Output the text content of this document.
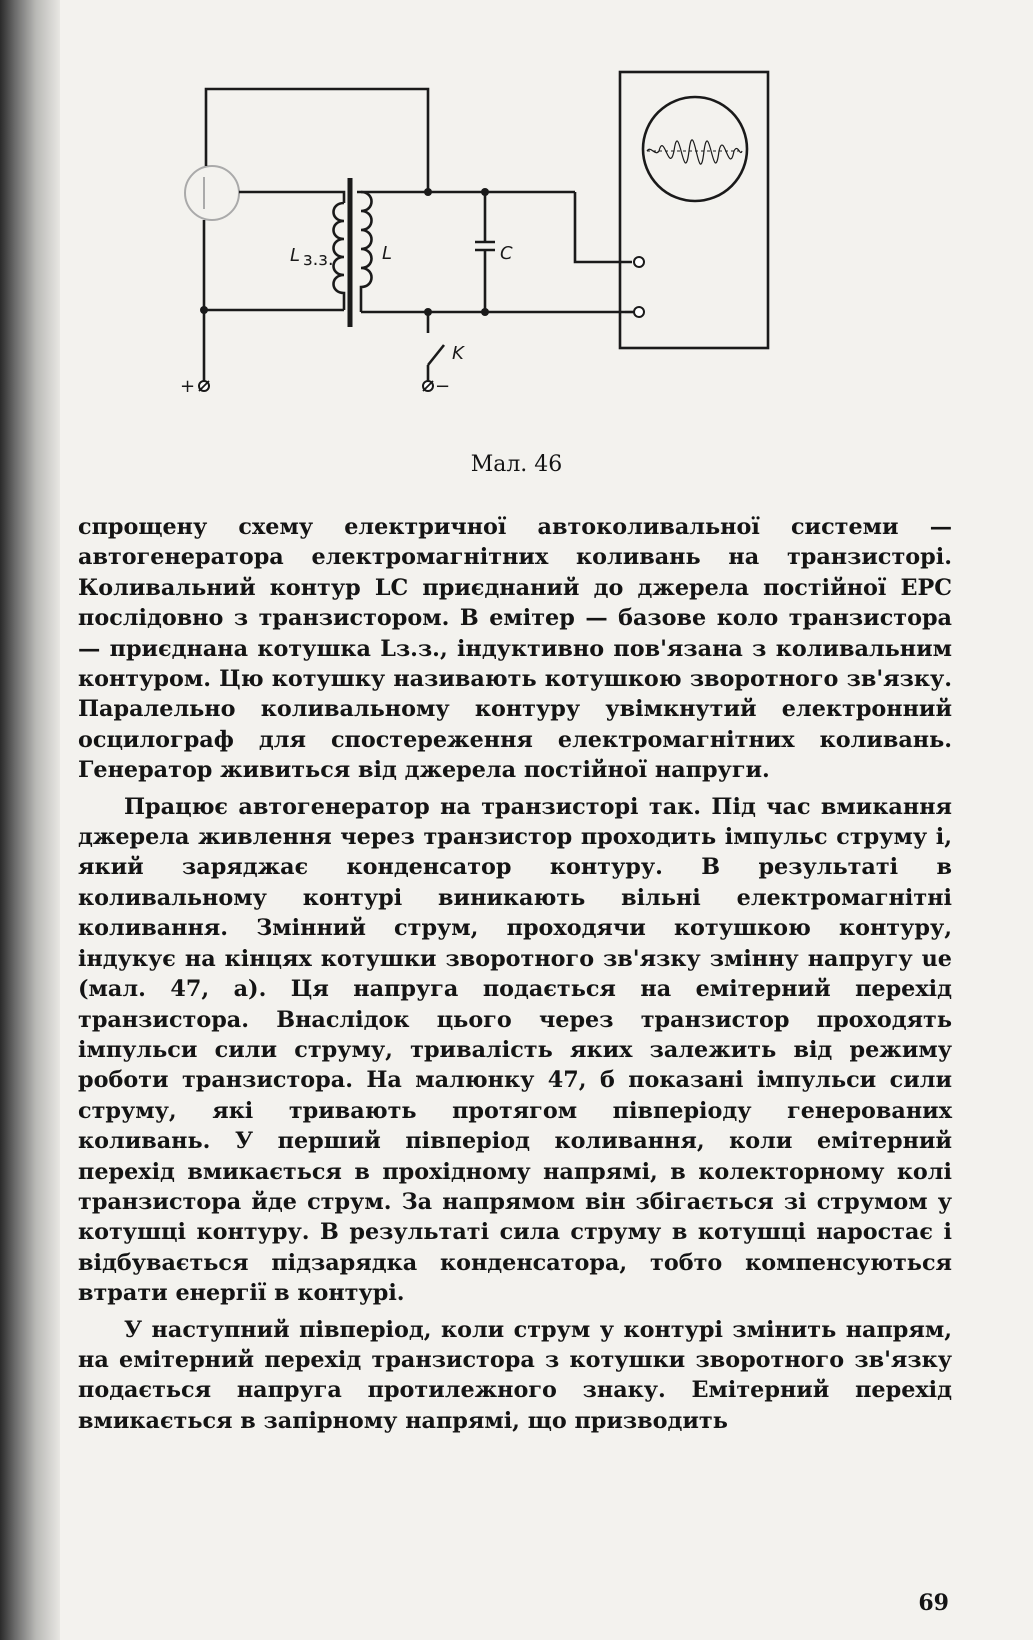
L з.з.	L	C
K
+	−
Мал. 46

спрощену схему електричної автоколивальної системи — автогенератора електромагнітних коливань на транзисторі. Коливальний контур LC приєднаний до джерела постійної ЕРС послідовно з транзистором. В емітер — базове коло транзистора — приєднана котушка Lз.з., індуктивно пов'язана з коливальним контуром. Цю котушку називають котушкою зворотного зв'язку. Паралельно коливальному контуру увімкнутий електронний осцилограф для спостереження електромагнітних коливань. Генератор живиться від джерела постійної напруги.

Працює автогенератор на транзисторі так. Під час вмикання джерела живлення через транзистор проходить імпульс струму i, який заряджає конденсатор контуру. В результаті в коливальному контурі виникають вільні електромагнітні коливання. Змінний струм, проходячи котушкою контуру, індукує на кінцях котушки зворотного зв'язку змінну напругу ue (мал. 47, а). Ця напруга подається на емітерний перехід транзистора. Внаслідок цього через транзистор проходять імпульси сили струму, тривалість яких залежить від режиму роботи транзистора. На малюнку 47, б показані імпульси сили струму, які тривають протягом півперіоду генерованих коливань. У перший півперіод коливання, коли емітерний перехід вмикається в прохідному напрямі, в колекторному колі транзистора йде струм. За напрямом він збігається зі струмом у котушці контуру. В результаті сила струму в котушці наростає і відбувається підзарядка конденсатора, тобто компенсуються втрати енергії в контурі.

У наступний півперіод, коли струм у контурі змінить напрям, на емітерний перехід транзистора з котушки зворотного зв'язку подається напруга протилежного знаку. Емітерний перехід вмикається в запірному напрямі, що призводить

69
